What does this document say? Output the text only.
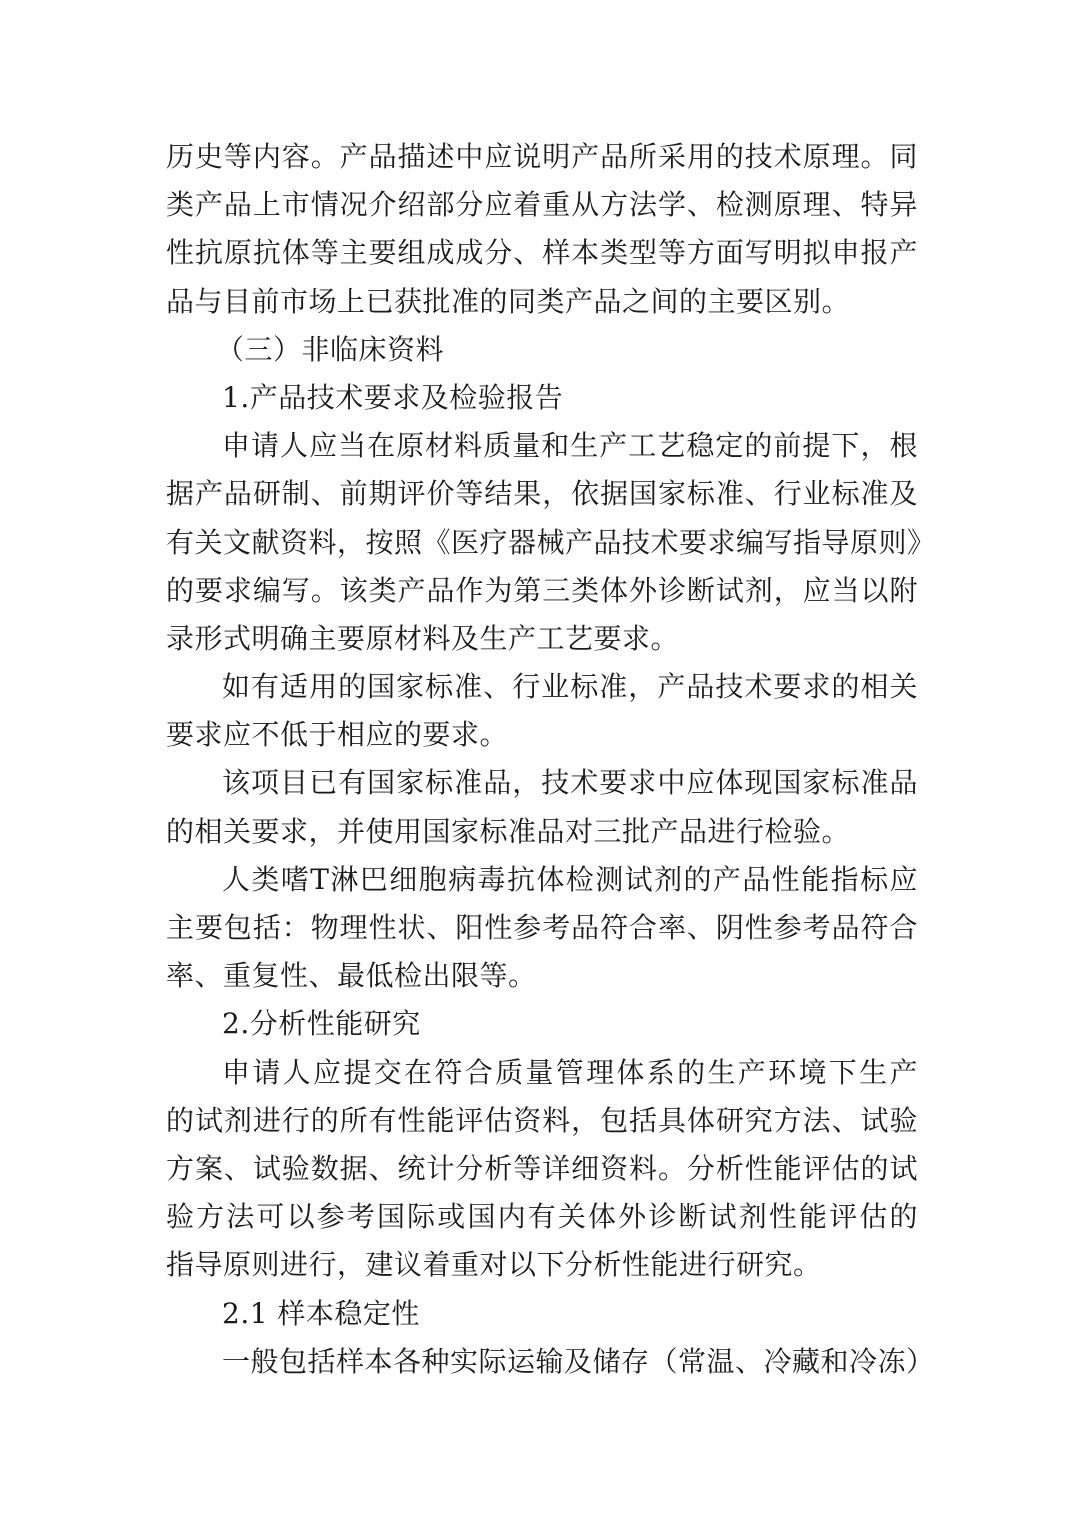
历史等内容。产品描述中应说明产品所采用的技术原理。同
类产品上市情况介绍部分应着重从方法学、检测原理、特异
性抗原抗体等主要组成成分、样本类型等方面写明拟申报产
品与目前市场上已获批准的同类产品之间的主要区别。
（三）非临床资料
1.产品技术要求及检验报告
申请人应当在原材料质量和生产工艺稳定的前提下，根
据产品研制、前期评价等结果，依据国家标准、行业标准及
有关文献资料，按照《医疗器械产品技术要求编写指导原则》
的要求编写。该类产品作为第三类体外诊断试剂，应当以附
录形式明确主要原材料及生产工艺要求。
如有适用的国家标准、行业标准，产品技术要求的相关
要求应不低于相应的要求。
该项目已有国家标准品，技术要求中应体现国家标准品
的相关要求，并使用国家标准品对三批产品进行检验。
人类嗜T淋巴细胞病毒抗体检测试剂的产品性能指标应
主要包括：物理性状、阳性参考品符合率、阴性参考品符合
率、重复性、最低检出限等。
2.分析性能研究
申请人应提交在符合质量管理体系的生产环境下生产
的试剂进行的所有性能评估资料，包括具体研究方法、试验
方案、试验数据、统计分析等详细资料。分析性能评估的试
验方法可以参考国际或国内有关体外诊断试剂性能评估的
指导原则进行，建议着重对以下分析性能进行研究。
2.1 样本稳定性
一般包括样本各种实际运输及储存（常温、冷藏和冷冻）
